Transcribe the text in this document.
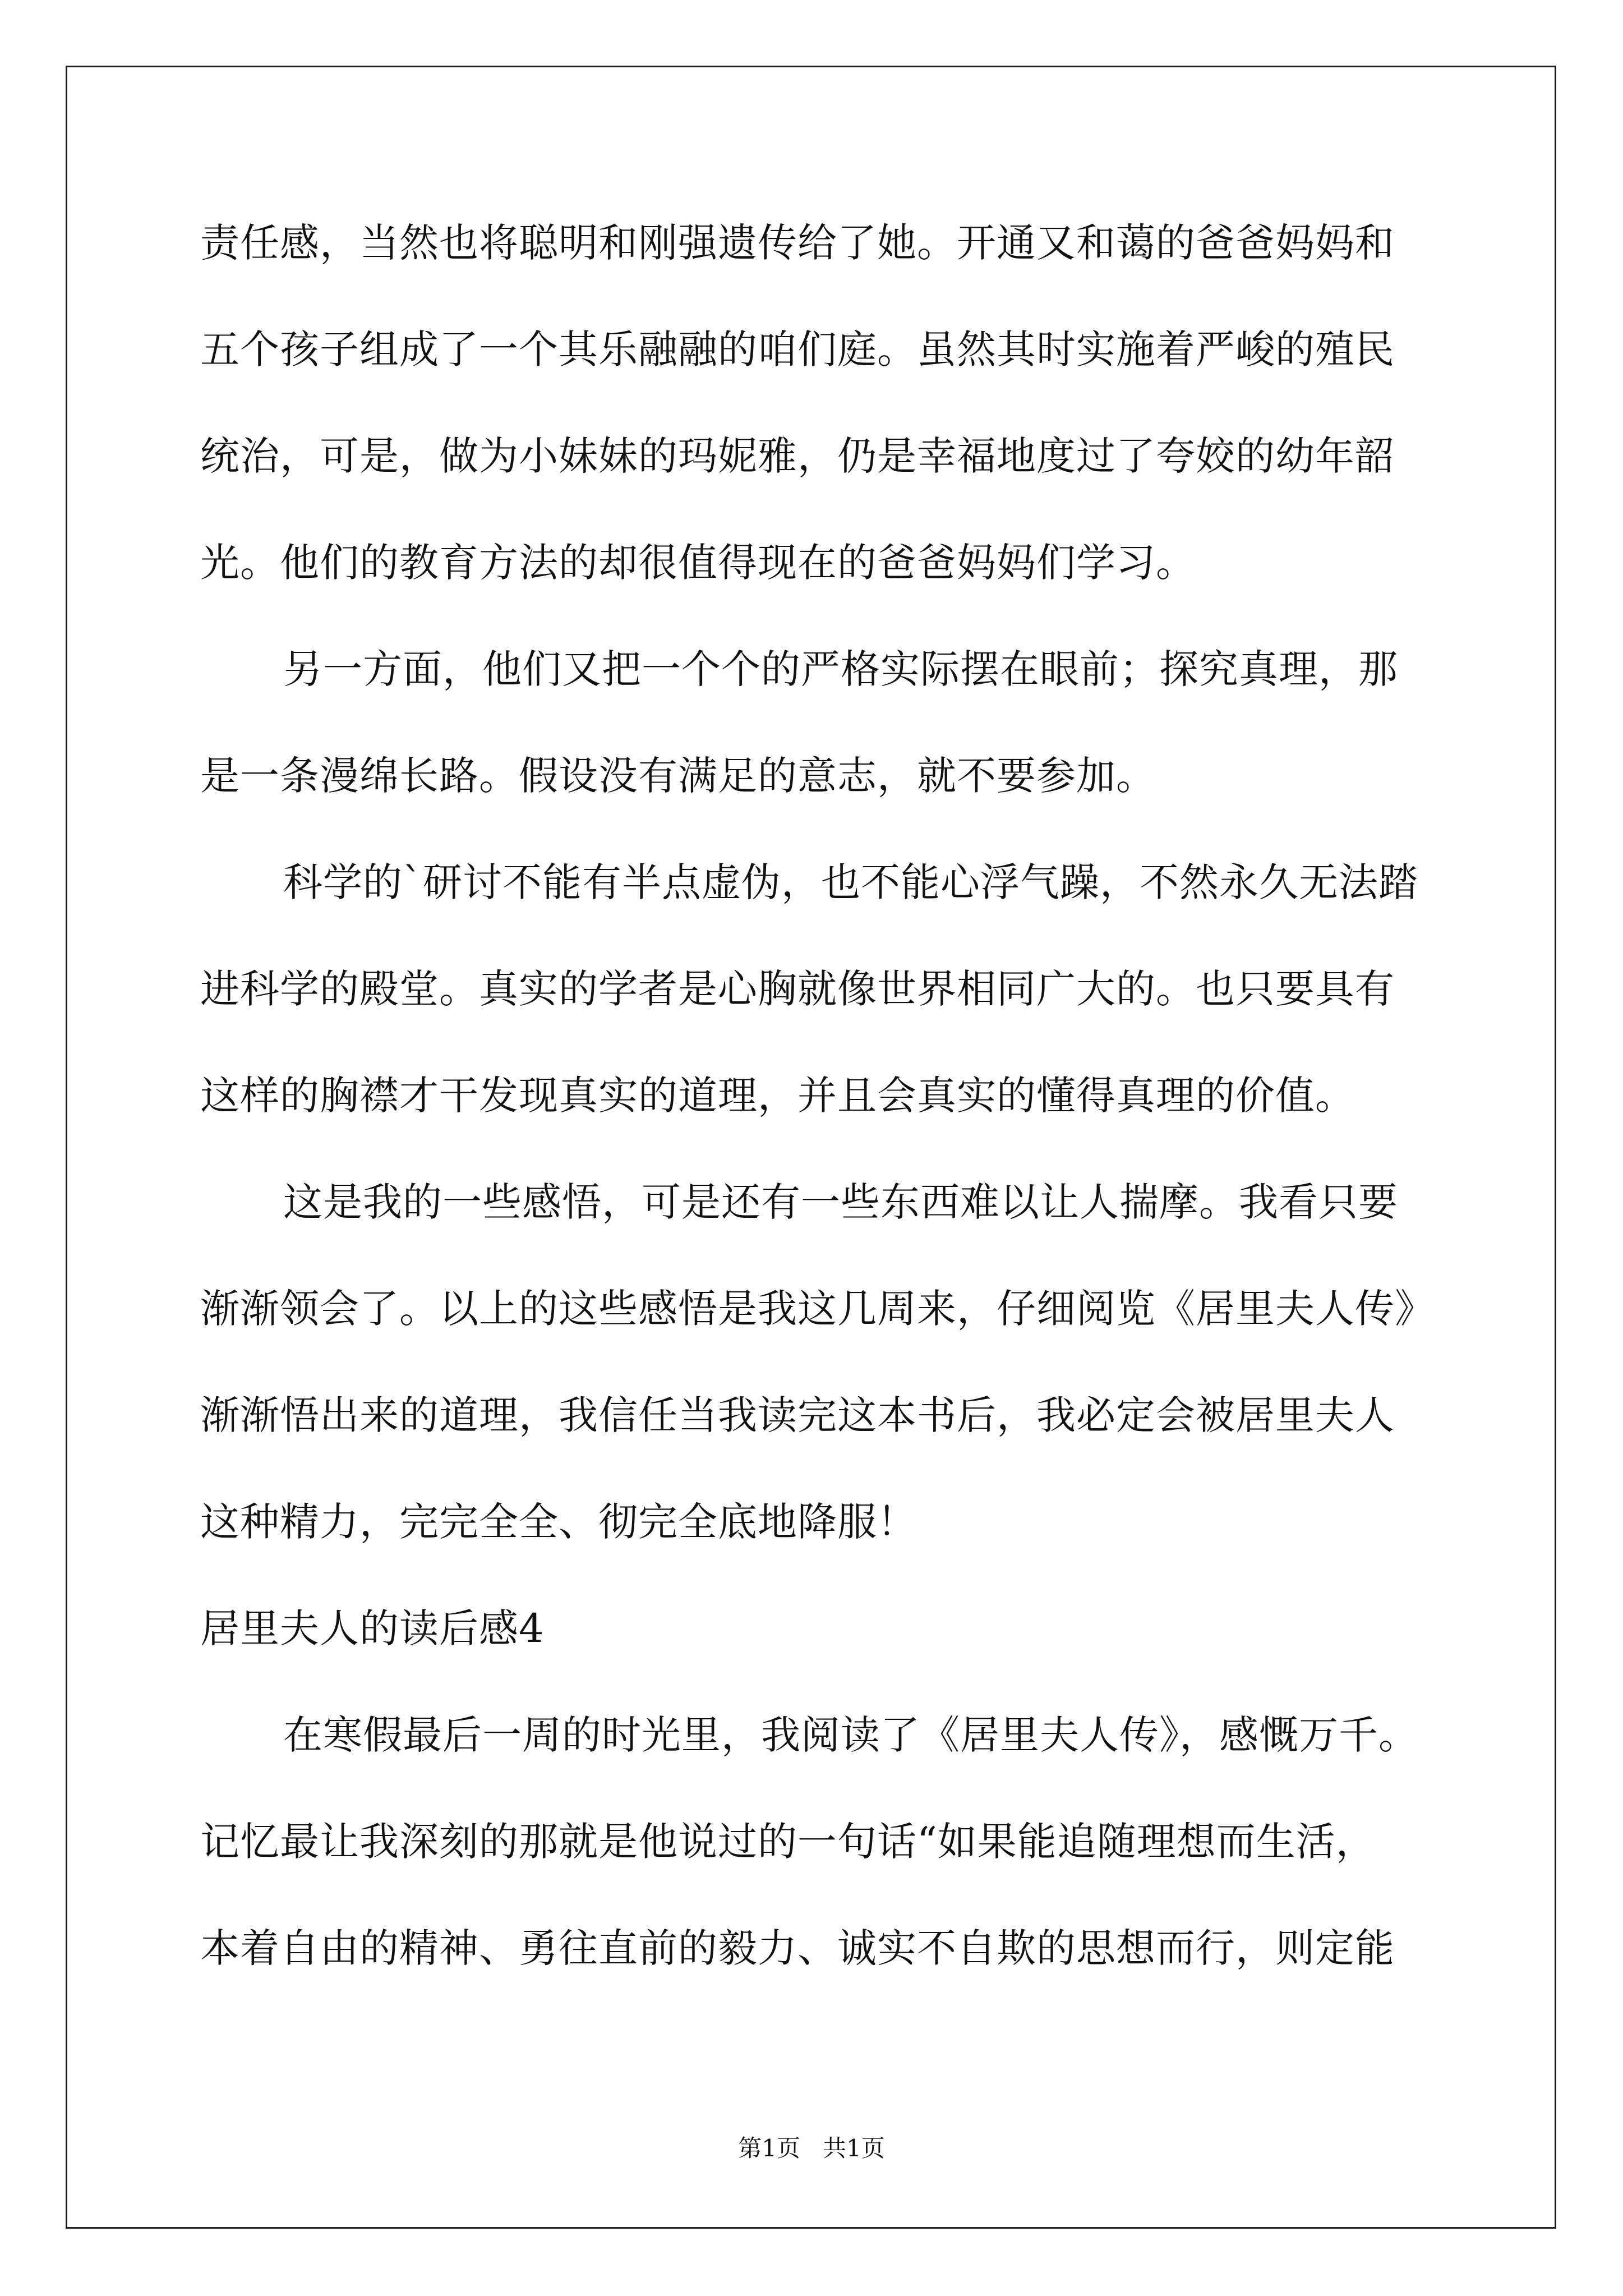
责任感，当然也将聪明和刚强遗传给了她。开通又和蔼的爸爸妈妈和
五个孩子组成了一个其乐融融的咱们庭。虽然其时实施着严峻的殖民
统治，可是，做为小妹妹的玛妮雅，仍是幸福地度过了夸姣的幼年韶
光。他们的教育方法的却很值得现在的爸爸妈妈们学习。
另一方面，他们又把一个个的严格实际摆在眼前；探究真理，那
是一条漫绵长路。假设没有满足的意志，就不要参加。
科学的`研讨不能有半点虚伪，也不能心浮气躁，不然永久无法踏
进科学的殿堂。真实的学者是心胸就像世界相同广大的。也只要具有
这样的胸襟才干发现真实的道理，并且会真实的懂得真理的价值。
这是我的一些感悟，可是还有一些东西难以让人揣摩。我看只要
渐渐领会了。以上的这些感悟是我这几周来，仔细阅览《居里夫人传》
渐渐悟出来的道理，我信任当我读完这本书后，我必定会被居里夫人
这种精力，完完全全、彻完全底地降服！
居里夫人的读后感4
在寒假最后一周的时光里，我阅读了《居里夫人传》，感慨万千。
记忆最让我深刻的那就是他说过的一句话“如果能追随理想而生活，
本着自由的精神、勇往直前的毅力、诚实不自欺的思想而行，则定能
第1页   共1页
